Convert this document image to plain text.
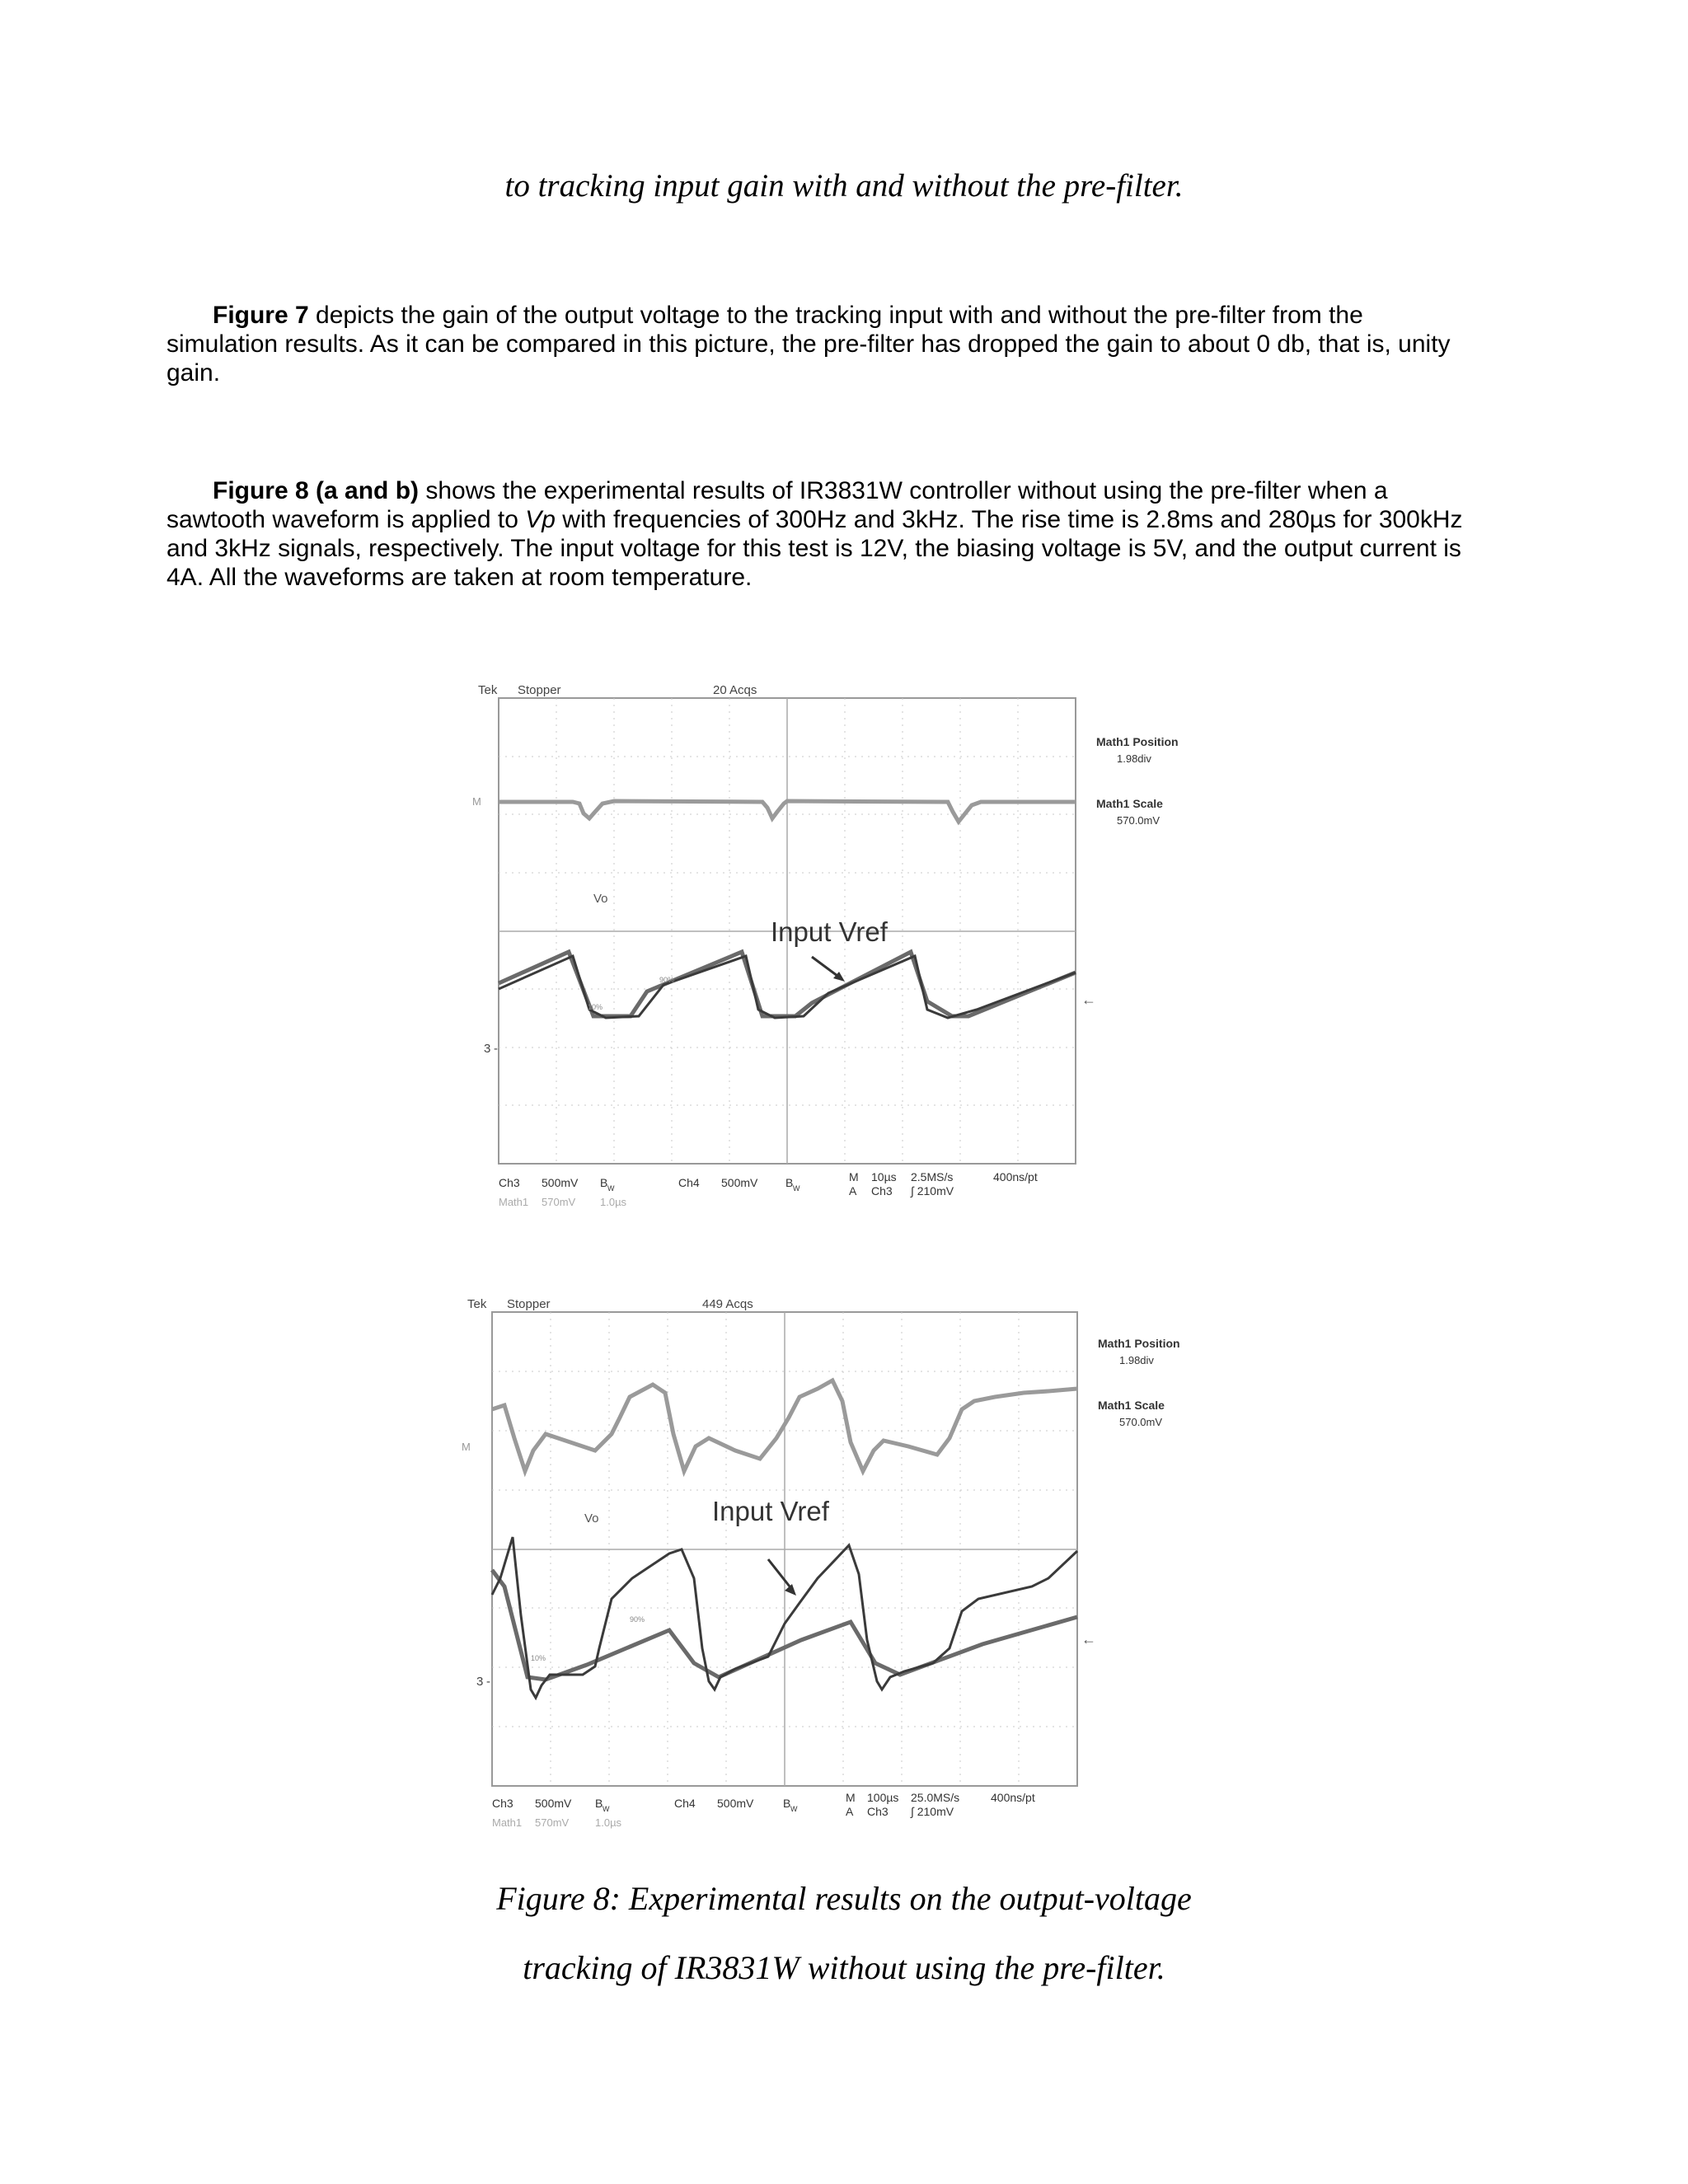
to tracking input gain with and without the pre-filter.

Figure 7 depicts the gain of the output voltage to the tracking input with and without the pre-filter from the simulation results. As it can be compared in this picture, the pre-filter has dropped the gain to about 0 db, that is, unity gain.

Figure 8 (a and b) shows the experimental results of IR3831W controller without using the pre-filter when a sawtooth waveform is applied to Vp with frequencies of 300Hz and 3kHz. The rise time is 2.8ms and 280µs for 300kHz and 3kHz signals, respectively. The input voltage for this test is 12V, the biasing voltage is 5V, and the output current is 4A. All the waveforms are taken at room temperature.

Tek Stopper	20 Acqs
M
Vo
3 -
90%
10%	←
Input Vref
Math1 Position
1.98div
Math1 Scale
570.0mV
Ch3 500mV B W	Ch4 500mV B W
Math1 570mV 1.0µs
M 10µs 2.5MS/s	400ns/pt
A Ch3 ∫ 210mV
Tek Stopper	449 Acqs
M
Vo
3 -
90%
10%
←
Input Vref
Math1 Position
1.98div
Math1 Scale
570.0mV
Ch3 500mV B W	Ch4 500mV	B W
Math1 570mV 1.0µs
M 100µs 25.0MS/s	400ns/pt
A Ch3 ∫ 210mV
Figure 8: Experimental results on the output-voltage
tracking of IR3831W without using the pre-filter.
